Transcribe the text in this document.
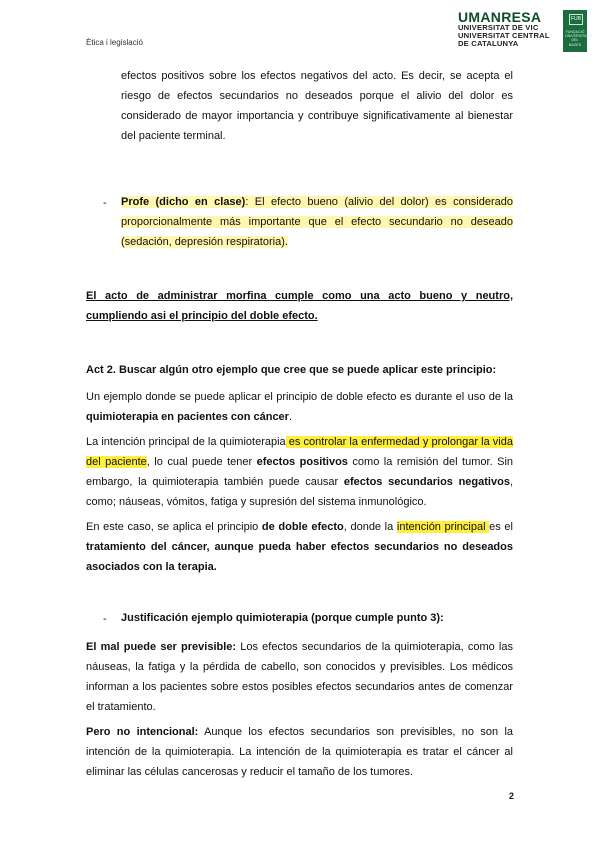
Ètica i legislació
UMANRESA
UNIVERSITAT DE VIC
UNIVERSITAT CENTRAL
DE CATALUNYA
FUB
FUNDACIÓ UNIVERSITÀRIA DEL BAGES
efectos positivos sobre los efectos negativos del acto. Es decir, se acepta el riesgo de efectos secundarios no deseados porque el alivio del dolor es considerado de mayor importancia y contribuye significativamente al bienestar del paciente terminal.
- Profe (dicho en clase): El efecto bueno (alivio del dolor) es considerado proporcionalmente más importante que el efecto secundario no deseado (sedación, depresión respiratoria).
El acto de administrar morfina cumple como una acto bueno y neutro, cumpliendo asi el principio del doble efecto.
Act 2. Buscar algún otro ejemplo que cree que se puede aplicar este principio:
Un ejemplo donde se puede aplicar el principio de doble efecto es durante el uso de la quimioterapia en pacientes con cáncer.
La intención principal de la quimioterapia es controlar la enfermedad y prolongar la vida del paciente, lo cual puede tener efectos positivos como la remisión del tumor. Sin embargo, la quimioterapia también puede causar efectos secundarios negativos, como; náuseas, vómitos, fatiga y supresión del sistema inmunológico.
En este caso, se aplica el principio de doble efecto, donde la intención principal es el tratamiento del cáncer, aunque pueda haber efectos secundarios no deseados asociados con la terapia.
- Justificación ejemplo quimioterapia (porque cumple punto 3):
El mal puede ser previsible: Los efectos secundarios de la quimioterapia, como las náuseas, la fatiga y la pérdida de cabello, son conocidos y previsibles. Los médicos informan a los pacientes sobre estos posibles efectos secundarios antes de comenzar el tratamiento.
Pero no intencional: Aunque los efectos secundarios son previsibles, no son la intención de la quimioterapia. La intención de la quimioterapia es tratar el cáncer al eliminar las células cancerosas y reducir el tamaño de los tumores.
2
